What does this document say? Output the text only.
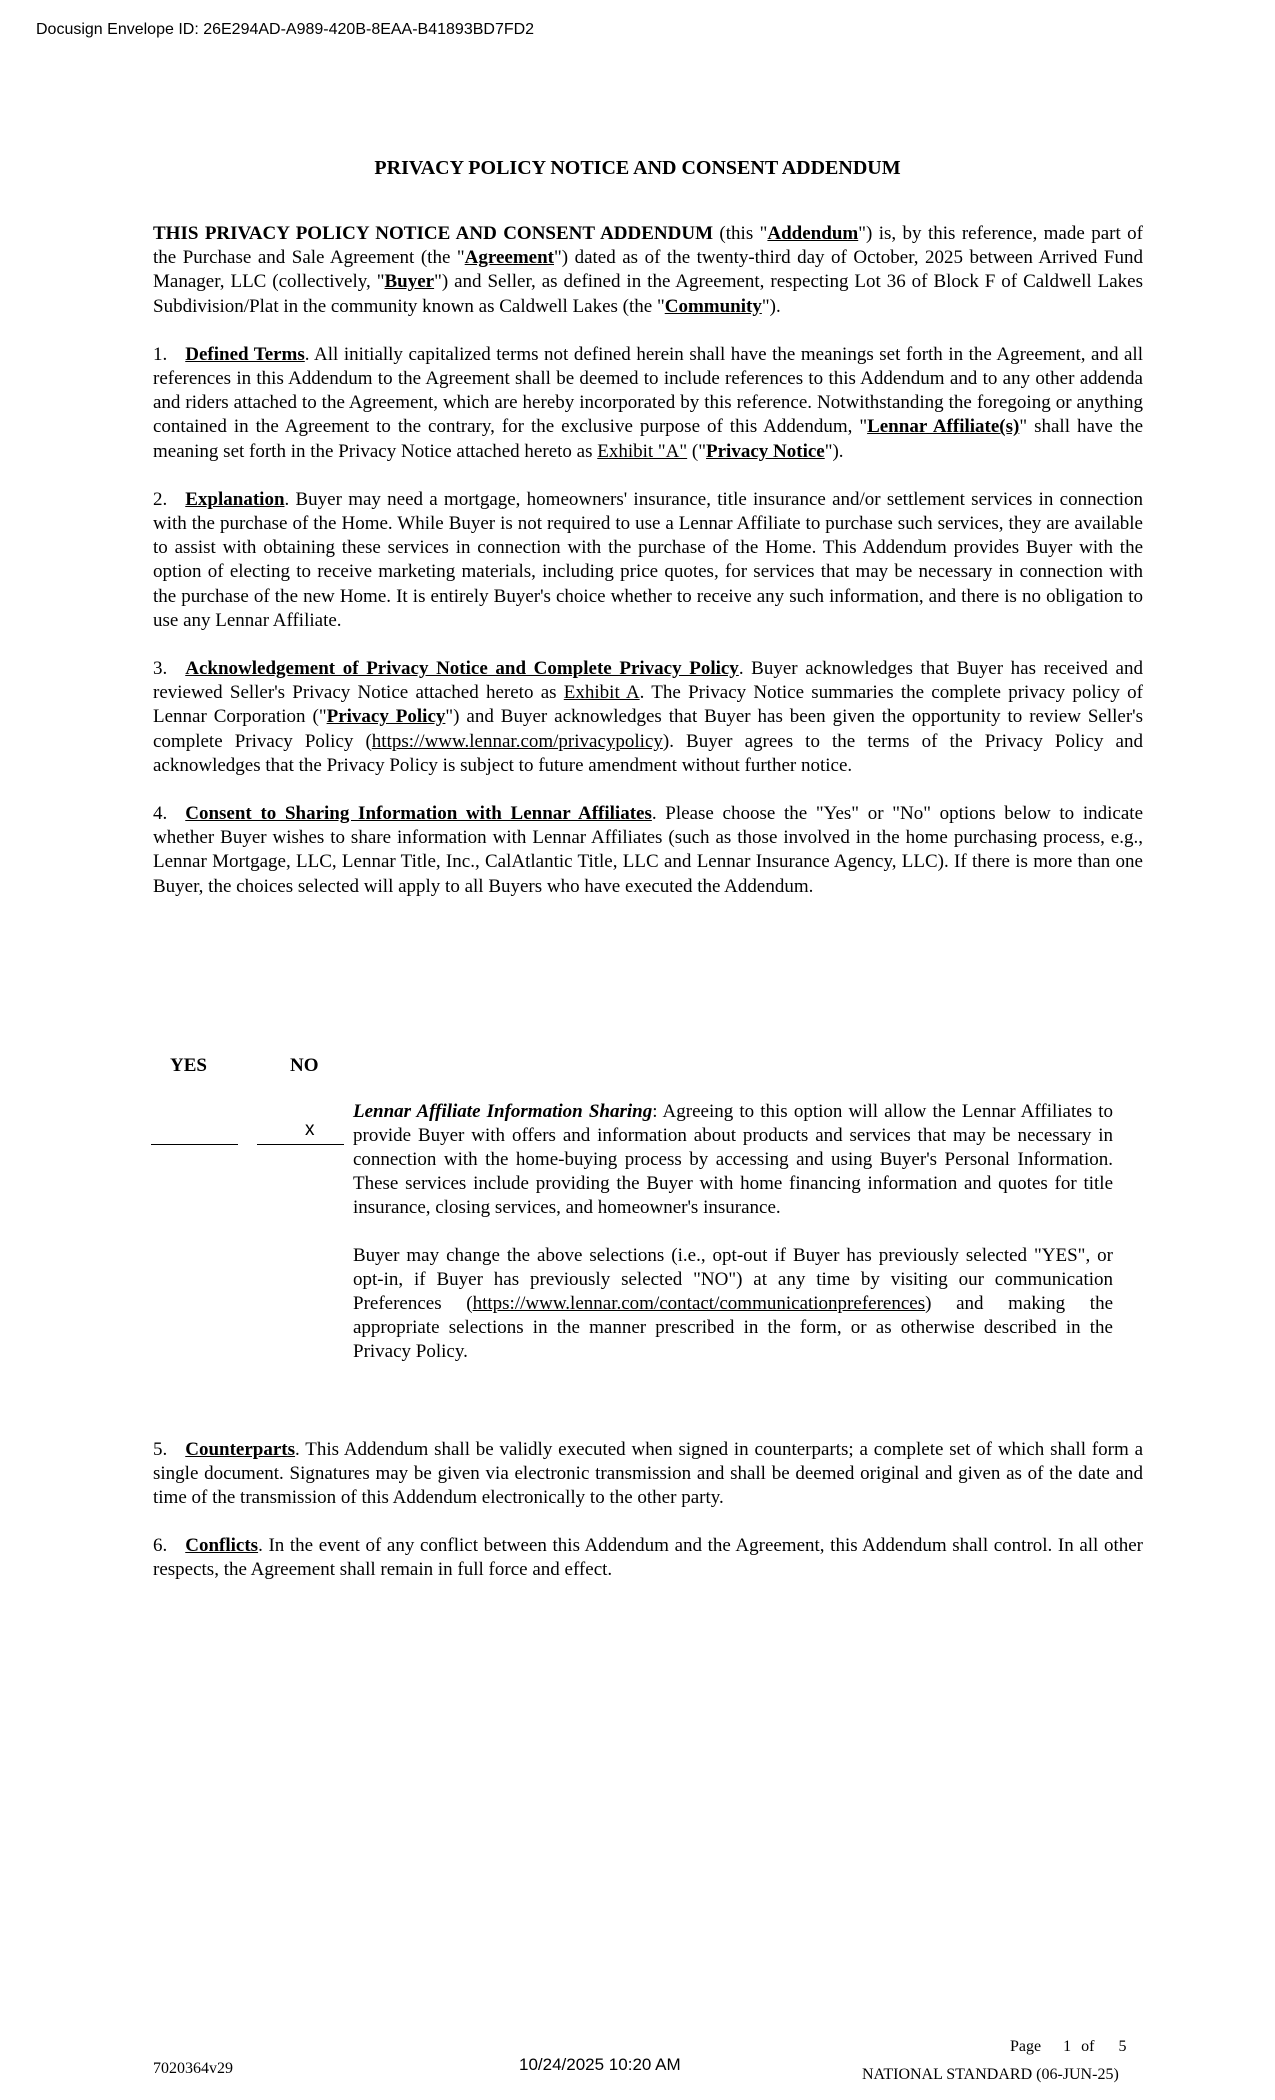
Docusign Envelope ID: 26E294AD-A989-420B-8EAA-B41893BD7FD2
PRIVACY POLICY NOTICE AND CONSENT ADDENDUM

THIS PRIVACY POLICY NOTICE AND CONSENT ADDENDUM (this "Addendum") is, by this reference, made part of the Purchase and Sale Agreement (the "Agreement") dated as of the twenty-third day of October, 2025 between Arrived Fund Manager, LLC (collectively, "Buyer") and Seller, as defined in the Agreement, respecting Lot 36 of Block F of Caldwell Lakes Subdivision/Plat in the community known as Caldwell Lakes (the "Community").

1. Defined Terms. All initially capitalized terms not defined herein shall have the meanings set forth in the Agreement, and all references in this Addendum to the Agreement shall be deemed to include references to this Addendum and to any other addenda and riders attached to the Agreement, which are hereby incorporated by this reference. Notwithstanding the foregoing or anything contained in the Agreement to the contrary, for the exclusive purpose of this Addendum, "Lennar Affiliate(s)" shall have the meaning set forth in the Privacy Notice attached hereto as Exhibit "A" ("Privacy Notice").

2. Explanation. Buyer may need a mortgage, homeowners' insurance, title insurance and/or settlement services in connection with the purchase of the Home. While Buyer is not required to use a Lennar Affiliate to purchase such services, they are available to assist with obtaining these services in connection with the purchase of the Home. This Addendum provides Buyer with the option of electing to receive marketing materials, including price quotes, for services that may be necessary in connection with the purchase of the new Home. It is entirely Buyer's choice whether to receive any such information, and there is no obligation to use any Lennar Affiliate.

3. Acknowledgement of Privacy Notice and Complete Privacy Policy. Buyer acknowledges that Buyer has received and reviewed Seller's Privacy Notice attached hereto as Exhibit A. The Privacy Notice summaries the complete privacy policy of Lennar Corporation ("Privacy Policy") and Buyer acknowledges that Buyer has been given the opportunity to review Seller's complete Privacy Policy (https://www.lennar.com/privacypolicy). Buyer agrees to the terms of the Privacy Policy and acknowledges that the Privacy Policy is subject to future amendment without further notice.

4. Consent to Sharing Information with Lennar Affiliates. Please choose the "Yes" or "No" options below to indicate whether Buyer wishes to share information with Lennar Affiliates (such as those involved in the home purchasing process, e.g., Lennar Mortgage, LLC, Lennar Title, Inc., CalAtlantic Title, LLC and Lennar Insurance Agency, LLC). If there is more than one Buyer, the choices selected will apply to all Buyers who have executed the Addendum.

YES	NO
x

Lennar Affiliate Information Sharing: Agreeing to this option will allow the Lennar Affiliates to provide Buyer with offers and information about products and services that may be necessary in connection with the home-buying process by accessing and using Buyer's Personal Information. These services include providing the Buyer with home financing information and quotes for title insurance, closing services, and homeowner's insurance.

Buyer may change the above selections (i.e., opt-out if Buyer has previously selected "YES", or opt-in, if Buyer has previously selected "NO") at any time by visiting our communication Preferences (https://www.lennar.com/contact/communicationpreferences) and making the appropriate selections in the manner prescribed in the form, or as otherwise described in the Privacy Policy.

5. Counterparts. This Addendum shall be validly executed when signed in counterparts; a complete set of which shall form a single document. Signatures may be given via electronic transmission and shall be deemed original and given as of the date and time of the transmission of this Addendum electronically to the other party.

6. Conflicts. In the event of any conflict between this Addendum and the Agreement, this Addendum shall control. In all other respects, the Agreement shall remain in full force and effect.

Page 1 of 5
7020364v29	10/24/2025 10:20 AM
NATIONAL STANDARD (06-JUN-25)
